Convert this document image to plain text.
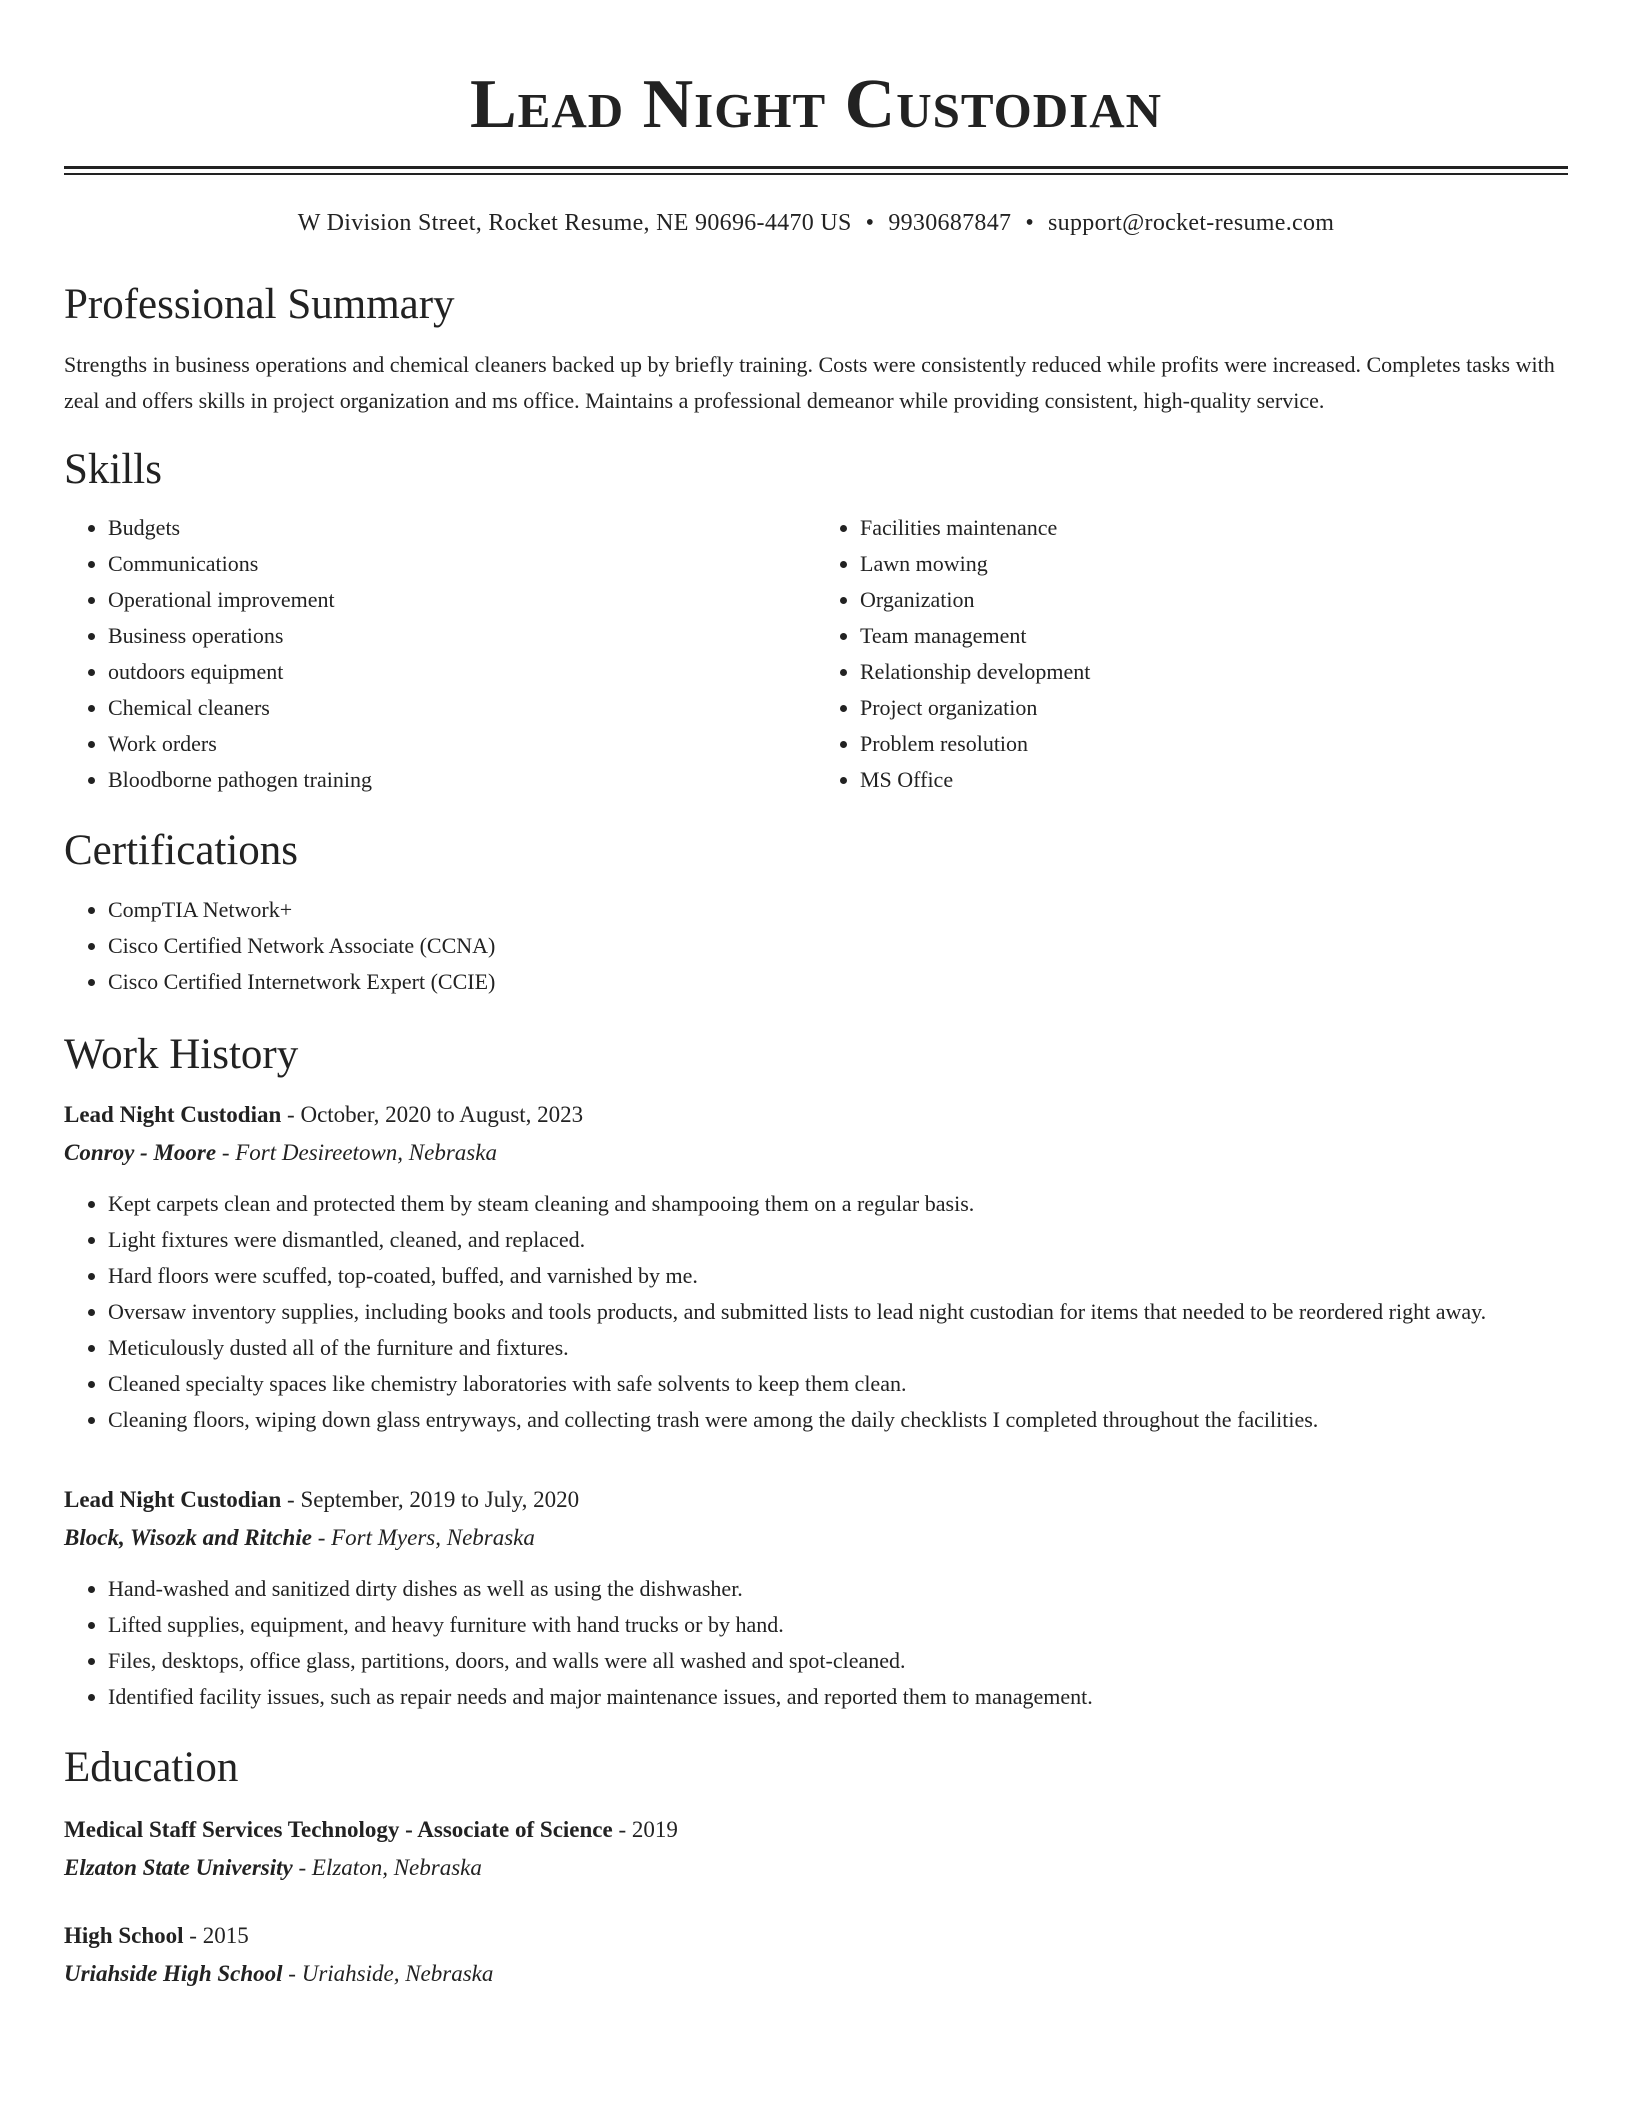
Lead Night Custodian
W Division Street, Rocket Resume, NE 90696-4470 US • 9930687847 • support@rocket-resume.com
Professional Summary

Strengths in business operations and chemical cleaners backed up by briefly training. Costs were consistently reduced while profits were increased. Completes tasks with zeal and offers skills in project organization and ms office. Maintains a professional demeanor while providing consistent, high-quality service.

Skills
• Budgets
• Communications
• Operational improvement
• Business operations
• outdoors equipment
• Chemical cleaners
• Work orders
• Bloodborne pathogen training
• Facilities maintenance
• Lawn mowing
• Organization
• Team management
• Relationship development
• Project organization
• Problem resolution
• MS Office
Certifications
• CompTIA Network+
• Cisco Certified Network Associate (CCNA)
• Cisco Certified Internetwork Expert (CCIE)
Work History
Lead Night Custodian - October, 2020 to August, 2023
Conroy - Moore - Fort Desireetown, Nebraska
• Kept carpets clean and protected them by steam cleaning and shampooing them on a regular basis.
• Light fixtures were dismantled, cleaned, and replaced.
• Hard floors were scuffed, top-coated, buffed, and varnished by me.
• Oversaw inventory supplies, including books and tools products, and submitted lists to lead night custodian for items that needed to be reordered right away.
• Meticulously dusted all of the furniture and fixtures.
• Cleaned specialty spaces like chemistry laboratories with safe solvents to keep them clean.
• Cleaning floors, wiping down glass entryways, and collecting trash were among the daily checklists I completed throughout the facilities.
Lead Night Custodian - September, 2019 to July, 2020
Block, Wisozk and Ritchie - Fort Myers, Nebraska
• Hand-washed and sanitized dirty dishes as well as using the dishwasher.
• Lifted supplies, equipment, and heavy furniture with hand trucks or by hand.
• Files, desktops, office glass, partitions, doors, and walls were all washed and spot-cleaned.
• Identified facility issues, such as repair needs and major maintenance issues, and reported them to management.
Education
Medical Staff Services Technology - Associate of Science - 2019
Elzaton State University - Elzaton, Nebraska
High School - 2015
Uriahside High School - Uriahside, Nebraska
